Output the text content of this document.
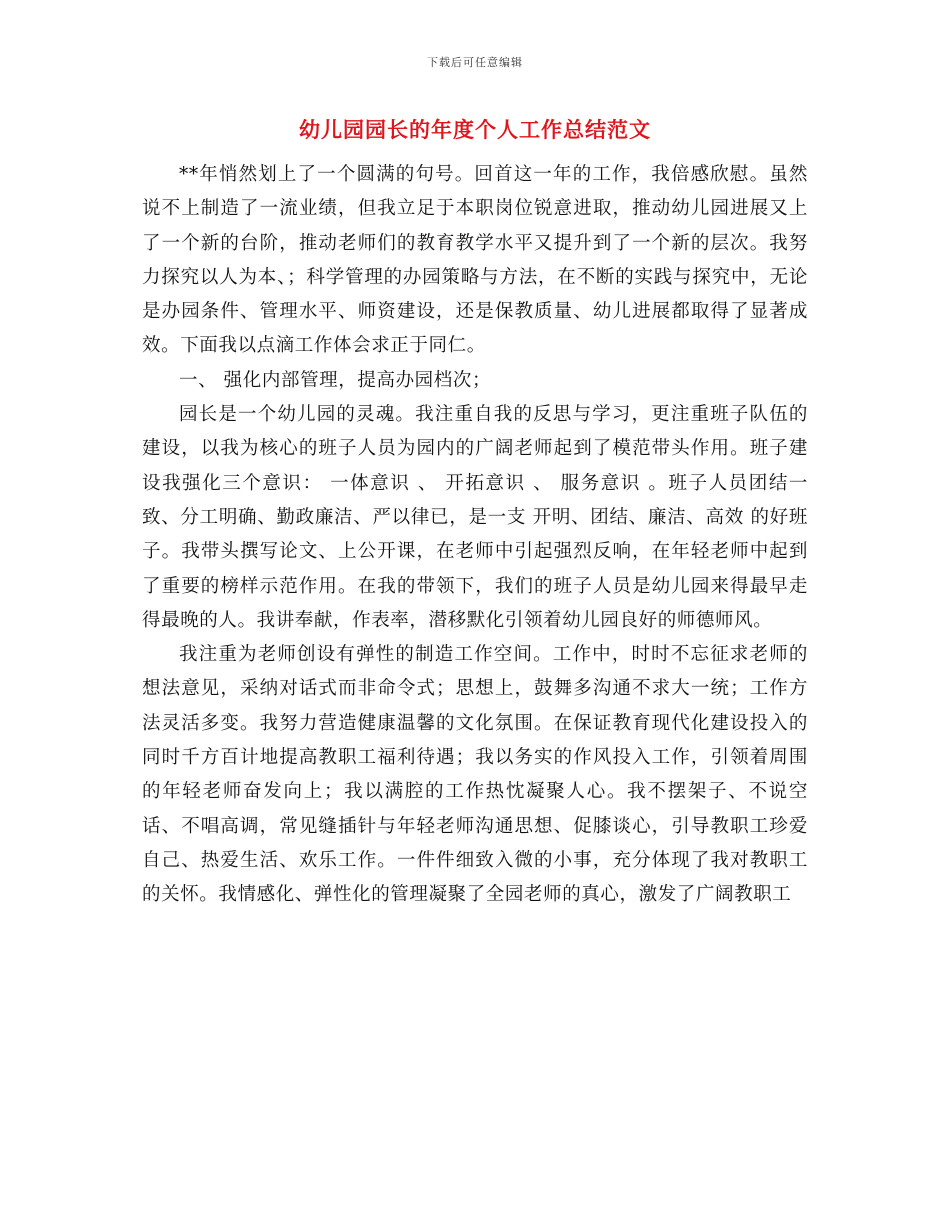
下载后可任意编辑
幼儿园园长的年度个人工作总结范文

**年悄然划上了一个圆满的句号。回首这一年的工作，我倍感欣慰。虽然说不上制造了一流业绩，但我立足于本职岗位锐意进取，推动幼儿园进展又上了一个新的台阶，推动老师们的教育教学水平又提升到了一个新的层次。我努力探究以人为本、；科学管理的办园策略与方法，在不断的实践与探究中，无论是办园条件、管理水平、师资建设，还是保教质量、幼儿进展都取得了显著成效。下面我以点滴工作体会求正于同仁。

一、 强化内部管理，提高办园档次；

园长是一个幼儿园的灵魂。我注重自我的反思与学习，更注重班子队伍的建设，以我为核心的班子人员为园内的广阔老师起到了模范带头作用。班子建设我强化三个意识： 一体意识 、 开拓意识 、 服务意识 。班子人员团结一致、分工明确、勤政廉洁、严以律已，是一支 开明、团结、廉洁、高效 的好班子。我带头撰写论文、上公开课，在老师中引起强烈反响，在年轻老师中起到了重要的榜样示范作用。在我的带领下，我们的班子人员是幼儿园来得最早走得最晚的人。我讲奉献，作表率，潜移默化引领着幼儿园良好的师德师风。

我注重为老师创设有弹性的制造工作空间。工作中，时时不忘征求老师的想法意见，采纳对话式而非命令式；思想上，鼓舞多沟通不求大一统；工作方法灵活多变。我努力营造健康温馨的文化氛围。在保证教育现代化建设投入的同时千方百计地提高教职工福利待遇；我以务实的作风投入工作，引领着周围的年轻老师奋发向上；我以满腔的工作热忱凝聚人心。我不摆架子、不说空话、不唱高调，常见缝插针与年轻老师沟通思想、促膝谈心，引导教职工珍爱自己、热爱生活、欢乐工作。一件件细致入微的小事，充分体现了我对教职工的关怀。我情感化、弹性化的管理凝聚了全园老师的真心，激发了广阔教职工
